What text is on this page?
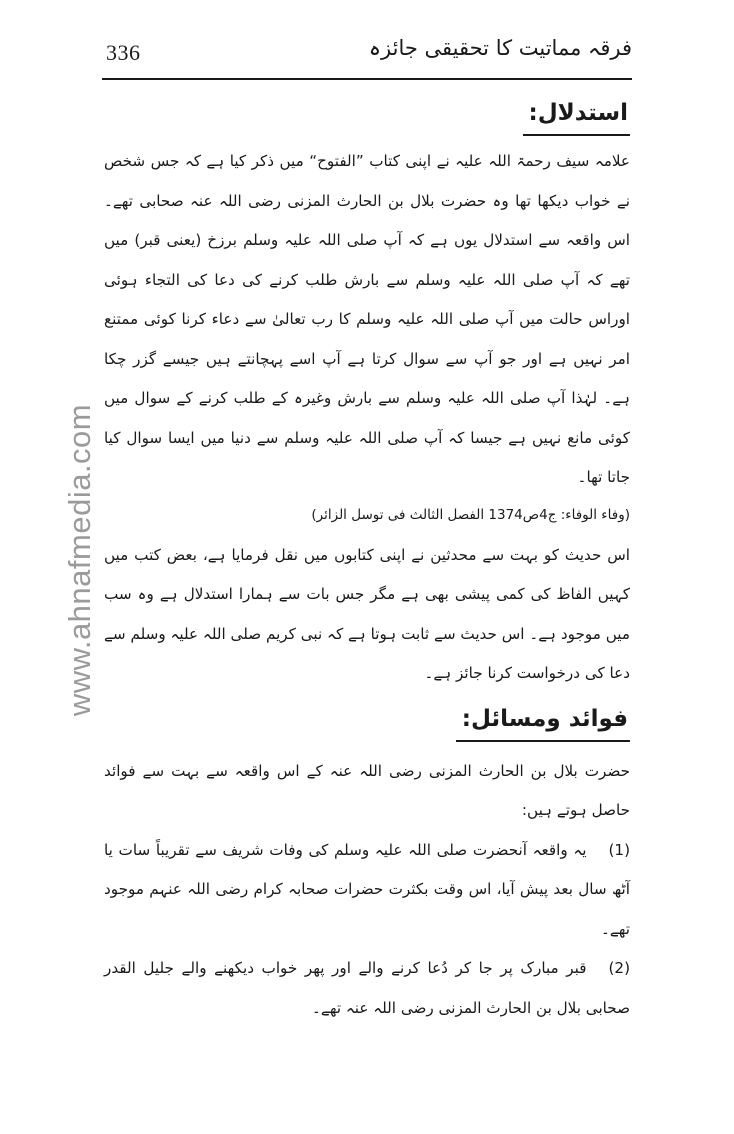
336	فرقہ مماتیت کا تحقیقی جائزہ
www.ahnafmedia.com
استدلال:

علامہ سیف رحمۃ اللہ علیہ نے اپنی کتاب ”الفتوح“ میں ذکر کیا ہے کہ جس شخص نے خواب دیکھا تھا وہ حضرت بلال بن الحارث المزنی رضی اللہ عنہ صحابی تھے۔ اس واقعہ سے استدلال یوں ہے کہ آپ صلی اللہ علیہ وسلم برزخ (یعنی قبر) میں تھے کہ آپ صلی اللہ علیہ وسلم سے بارش طلب کرنے کی دعا کی التجاء ہوئی اوراس حالت میں آپ صلی اللہ علیہ وسلم کا رب تعالیٰ سے دعاء کرنا کوئی ممتنع امر نہیں ہے اور جو آپ سے سوال کرتا ہے آپ اسے پہچانتے ہیں جیسے گزر چکا ہے۔ لہٰذا آپ صلی اللہ علیہ وسلم سے بارش وغیرہ کے طلب کرنے کے سوال میں کوئی مانع نہیں ہے جیسا کہ آپ صلی اللہ علیہ وسلم سے دنیا میں ایسا سوال کیا جاتا تھا۔

(وفاء الوفاء: ج4ص1374 الفصل الثالث فی توسل الزائر)

اس حدیث کو بہت سے محدثین نے اپنی کتابوں میں نقل فرمایا ہے، بعض کتب میں کہیں الفاظ کی کمی پیشی بھی ہے مگر جس بات سے ہمارا استدلال ہے وہ سب میں موجود ہے۔ اس حدیث سے ثابت ہوتا ہے کہ نبی کریم صلی اللہ علیہ وسلم سے دعا کی درخواست کرنا جائز ہے۔

فوائد ومسائل:

حضرت بلال بن الحارث المزنی رضی اللہ عنہ کے اس واقعہ سے بہت سے فوائد حاصل ہوتے ہیں:

(1)یہ واقعہ آنحضرت صلی اللہ علیہ وسلم کی وفات شریف سے تقریباً سات یا آٹھ سال بعد پیش آیا، اس وقت بکثرت حضرات صحابہ کرام رضی اللہ عنہم موجود تھے۔

(2)قبر مبارک پر جا کر دُعا کرنے والے اور پھر خواب دیکھنے والے جلیل القدر صحابی بلال بن الحارث المزنی رضی اللہ عنہ تھے۔
